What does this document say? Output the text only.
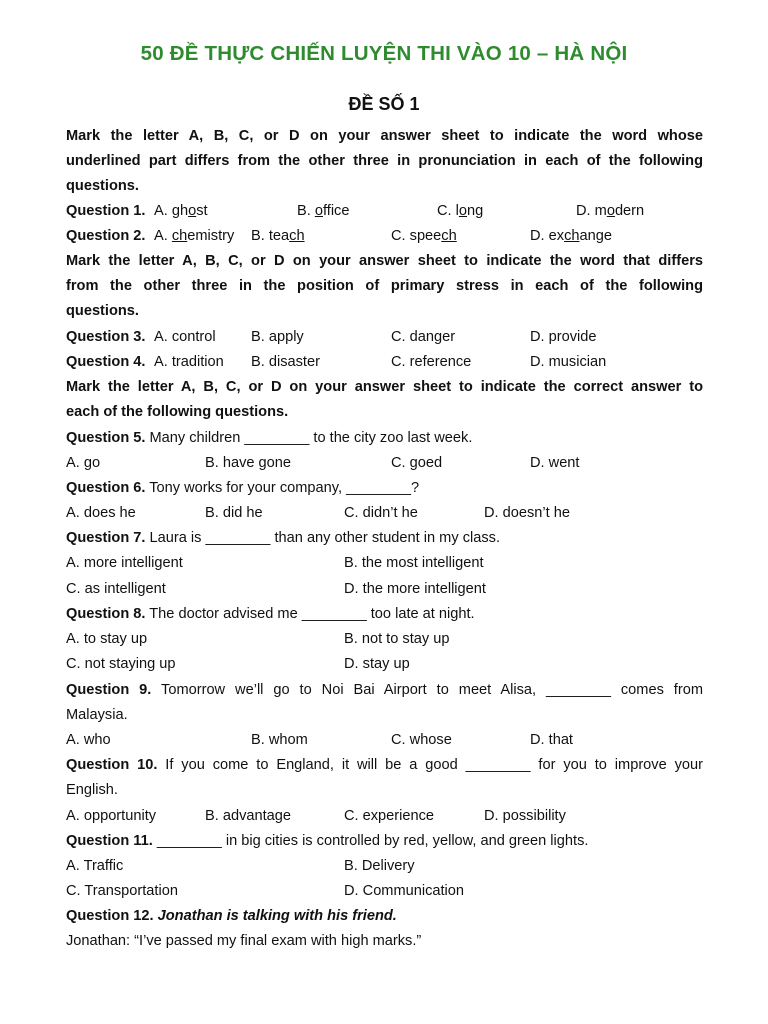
50 ĐỀ THỰC CHIẾN LUYỆN THI VÀO 10 – HÀ NỘI
ĐỀ SỐ 1
Mark the letter A, B, C, or D on your answer sheet to indicate the word whose
underlined part differs from the other three in pronunciation in each of the following
questions.
Question 1. A. ghost	B. office	C. long	D. modern
Question 2. A. chemistry B. teach	C. speech	D. exchange
Mark the letter A, B, C, or D on your answer sheet to indicate the word that differs
from the other three in the position of primary stress in each of the following
questions.
Question 3. A. control B. apply	C. danger	D. provide
Question 4. A. tradition B. disaster	C. reference	D. musician
Mark the letter A, B, C, or D on your answer sheet to indicate the correct answer to
each of the following questions.
Question 5. Many children ________ to the city zoo last week.
A. go	B. have gone	C. goed	D. went
Question 6. Tony works for your company, ________?
A. does he	B. did he	C. didn’t he	D. doesn’t he
Question 7. Laura is ________ than any other student in my class.
A. more intelligent	B. the most intelligent
C. as intelligent	D. the more intelligent
Question 8. The doctor advised me ________ too late at night.
A. to stay up	B. not to stay up
C. not staying up	D. stay up
Question 9. Tomorrow we’ll go to Noi Bai Airport to meet Alisa, ________ comes from
Malaysia.
A. who	B. whom	C. whose	D. that
Question 10. If you come to England, it will be a good ________ for you to improve your
English.
A. opportunity	B. advantage	C. experience	D. possibility
Question 11. ________ in big cities is controlled by red, yellow, and green lights.
A. Traffic	B. Delivery
C. Transportation	D. Communication
Question 12. Jonathan is talking with his friend.
Jonathan: “I’ve passed my final exam with high marks.”
